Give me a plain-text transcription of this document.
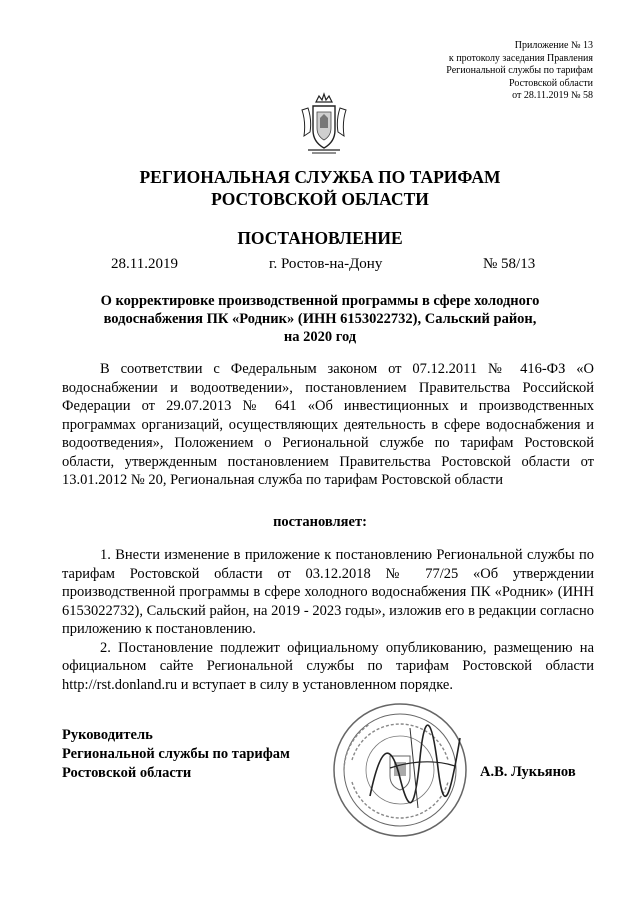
Приложение № 13
к протоколу заседания Правления
Региональной службы по тарифам
Ростовской области
от 28.11.2019 № 58
РЕГИОНАЛЬНАЯ СЛУЖБА ПО ТАРИФАМ
РОСТОВСКОЙ ОБЛАСТИ
ПОСТАНОВЛЕНИЕ
28.11.2019	г. Ростов-на-Дону	№ 58/13
О корректировке производственной программы в сфере холодного
водоснабжения ПК «Родник» (ИНН 6153022732), Сальский район,
на 2020 год

В соответствии с Федеральным законом от 07.12.2011 № 416-ФЗ «О водоснабжении и водоотведении», постановлением Правительства Российской Федерации от 29.07.2013 № 641 «Об инвестиционных и производственных программах организаций, осуществляющих деятельность в сфере водоснабжения и водоотведения», Положением о Региональной службе по тарифам Ростовской области, утвержденным постановлением Правительства Ростовской области от 13.01.2012 № 20, Региональная служба по тарифам Ростовской области

постановляет:

1. Внести изменение в приложение к постановлению Региональной службы по тарифам Ростовской области от 03.12.2018 № 77/25 «Об утверждении производственной программы в сфере холодного водоснабжения ПК «Родник» (ИНН 6153022732), Сальский район, на 2019 - 2023 годы», изложив его в редакции согласно приложению к постановлению.

2. Постановление подлежит официальному опубликованию, размещению на официальном сайте Региональной службы по тарифам Ростовской области http://rst.donland.ru и вступает в силу в установленном порядке.

Руководитель
Региональной службы по тарифам
Ростовской области	А.В. Лукьянов
